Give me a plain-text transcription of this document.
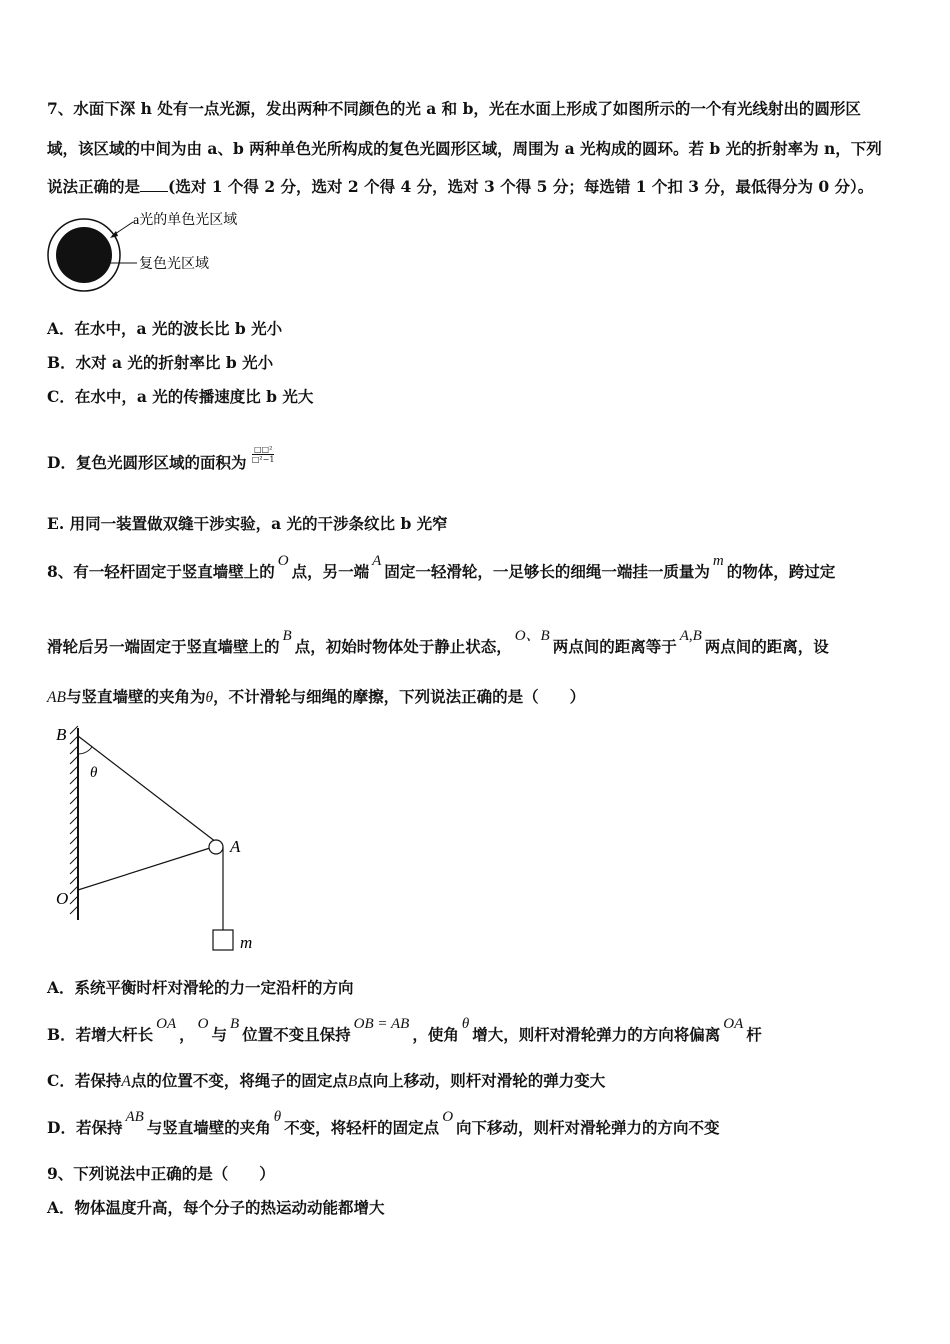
7、水面下深 h 处有一点光源，发出两种不同颜色的光 a 和 b，光在水面上形成了如图所示的一个有光线射出的圆形区
域，该区域的中间为由 a、b 两种单色光所构成的复色光圆形区域，周围为 a 光构成的圆环。若 b 光的折射率为 n，下列
说法正确的是 (选对 1 个得 2 分，选对 2 个得 4 分，选对 3 个得 5 分；每选错 1 个扣 3 分，最低得分为 0 分）。
a光的单色光区域
复色光区域
A．在水中，a 光的波长比 b 光小
B．水对 a 光的折射率比 b 光小
C．在水中，a 光的传播速度比 b 光大
D．复色光圆形区域的面积为 $\frac{\text{□□²}}{\text{□²−1}}$
E. 用同一装置做双缝干涉实验，a 光的干涉条纹比 b 光窄
8、有一轻杆固定于竖直墙壁上的O点，另一端A固定一轻滑轮，一足够长的细绳一端挂一质量为m的物体，跨过定
滑轮后另一端固定于竖直墙壁上的B点，初始时物体处于静止状态，O、B两点间的距离等于A,B两点间的距离，设
AB与竖直墙壁的夹角为θ，不计滑轮与细绳的摩擦，下列说法正确的是（　　）
B
θ
A
O
m
A．系统平衡时杆对滑轮的力一定沿杆的方向
B．若增大杆长OA，O与B位置不变且保持OB = AB，使角θ增大，则杆对滑轮弹力的方向将偏离OA杆
C．若保持A点的位置不变，将绳子的固定点B点向上移动，则杆对滑轮的弹力变大
D．若保持AB与竖直墙壁的夹角θ不变，将轻杆的固定点O向下移动，则杆对滑轮弹力的方向不变
9、下列说法中正确的是（　　）
A．物体温度升高，每个分子的热运动动能都增大
